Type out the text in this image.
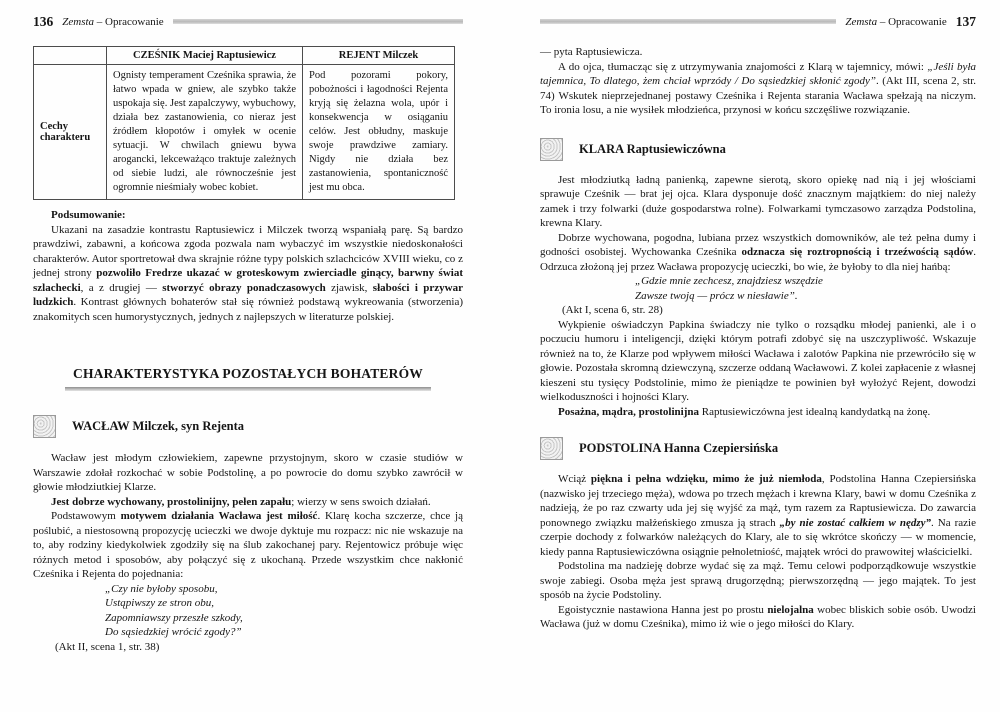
136 Zemsta – Opracowanie
	CZEŚNIK Maciej Raptusiewicz	REJENT Milczek
Cechy charakteru	Ognisty temperament Cześnika sprawia, że łatwo wpada w gniew, ale szybko także uspokaja się. Jest zapalczywy, wybuchowy, działa bez zastanowienia, co nieraz jest źródłem kłopotów i omyłek w ocenie sytuacji. W chwilach gniewu bywa arogancki, lekceważąco traktuje zależnych od siebie ludzi, ale równocześnie jest ogromnie nieśmiały wobec kobiet.	Pod pozorami pokory, pobożności i łagodności Rejenta kryją się żelazna wola, upór i konsekwencja w osiąganiu celów. Jest obłudny, maskuje swoje prawdziwe zamiary. Nigdy nie działa bez zastanowienia, spontaniczność jest mu obca.

Podsumowanie:

Ukazani na zasadzie kontrastu Raptusiewicz i Milczek tworzą wspaniałą parę. Są bardzo prawdziwi, zabawni, a końcowa zgoda pozwala nam wybaczyć im wszystkie niedoskonałości charakterów. Autor sportretował dwa skrajnie różne typy polskich szlachciców XVIII wieku, co z jednej strony pozwoliło Fredrze ukazać w groteskowym zwierciadle ginący, barwny świat szlachecki, a z drugiej — stworzyć obrazy ponadczasowych zjawisk, słabości i przywar ludzkich. Kontrast głównych bohaterów stał się również podstawą wykreowania (stworzenia) znakomitych scen humorystycznych, jednych z najlepszych w literaturze polskiej.

CHARAKTERYSTYKA POZOSTAŁYCH BOHATERÓW
WACŁAW Milczek, syn Rejenta

Wacław jest młodym człowiekiem, zapewne przystojnym, skoro w czasie studiów w Warszawie zdołał rozkochać w sobie Podstolinę, a po powrocie do domu szybko zawrócił w głowie młodziutkiej Klarze.

Jest dobrze wychowany, prostolinijny, pełen zapału; wierzy w sens swoich działań.

Podstawowym motywem działania Wacława jest miłość. Klarę kocha szczerze, chce ją poślubić, a niestosowną propozycję ucieczki we dwoje dyktuje mu rozpacz: nic nie wskazuje na to, aby rodziny kiedykolwiek zgodziły się na ślub zakochanej pary. Rejentowicz próbuje więc różnych metod i sposobów, aby połączyć się z ukochaną. Przede wszystkim chce nakłonić Cześnika i Rejenta do pojednania:

„Czy nie byłoby sposobu,
Ustąpiwszy ze stron obu,
Zapomniawszy przeszłe szkody,
Do sąsiedzkiej wrócić zgody?”
(Akt II, scena 1, str. 38)
Zemsta – Opracowanie 137

— pyta Raptusiewicza.

A do ojca, tłumacząc się z utrzymywania znajomości z Klarą w tajemnicy, mówi: „Jeśli była tajemnica, To dlatego, żem chciał wprzódy / Do sąsiedzkiej skłonić zgody”. (Akt III, scena 2, str. 74) Wskutek nieprzejednanej postawy Cześnika i Rejenta starania Wacława spełzają na niczym. To ironia losu, a nie wysiłek młodzieńca, przynosi w końcu szczęśliwe rozwiązanie.

KLARA Raptusiewiczówna

Jest młodziutką ładną panienką, zapewne sierotą, skoro opiekę nad nią i jej włościami sprawuje Cześnik — brat jej ojca. Klara dysponuje dość znacznym majątkiem: do niej należy zamek i trzy folwarki (duże gospodarstwa rolne). Folwarkami tymczasowo zarządza Podstolina, krewna Klary.

Dobrze wychowana, pogodna, lubiana przez wszystkich domowników, ale też pełna dumy i godności osobistej. Wychowanka Cześnika odznacza się roztropnością i trzeźwością sądów. Odrzuca złożoną jej przez Wacława propozycję ucieczki, bo wie, że byłoby to dla niej hańbą:

„Gdzie mnie zechcesz, znajdziesz wszędzie
Zawsze twoją — prócz w niesławie”.
(Akt I, scena 6, str. 28)

Wykpienie oświadczyn Papkina świadczy nie tylko o rozsądku młodej panienki, ale i o poczuciu humoru i inteligencji, dzięki którym potrafi zdobyć się na uszczypliwość. Wskazuje również na to, że Klarze pod wpływem miłości Wacława i zalotów Papkina nie przewróciło się w głowie. Pozostała skromną dziewczyną, szczerze oddaną Wacławowi. Z kolei zapłacenie z własnej kieszeni stu tysięcy Podstolinie, mimo że pieniądze te powinien był wyłożyć Rejent, dowodzi wielkoduszności i hojności Klary.

Posażna, mądra, prostolinijna Raptusiewiczówna jest idealną kandydatką na żonę.

PODSTOLINA Hanna Czepiersińska

Wciąż piękna i pełna wdzięku, mimo że już niemłoda, Podstolina Hanna Czepiersińska (nazwisko jej trzeciego męża), wdowa po trzech mężach i krewna Klary, bawi w domu Cześnika z nadzieją, że po raz czwarty uda jej się wyjść za mąż, tym razem za Raptusiewicza. Do zawarcia ponownego związku małżeńskiego zmusza ją strach „by nie zostać całkiem w nędzy”. Na razie czerpie dochody z folwarków należących do Klary, ale to się wkrótce skończy — w momencie, kiedy panna Raptusiewiczówna osiągnie pełnoletniość, majątek wróci do prawowitej właścicielki.

Podstolina ma nadzieję dobrze wydać się za mąż. Temu celowi podporządkowuje wszystkie swoje zabiegi. Osoba męża jest sprawą drugorzędną; pierwszorzędną — jego majątek. To jest sposób na życie Podstoliny.

Egoistycznie nastawiona Hanna jest po prostu nielojalna wobec bliskich sobie osób. Uwodzi Wacława (już w domu Cześnika), mimo iż wie o jego miłości do Klary.
